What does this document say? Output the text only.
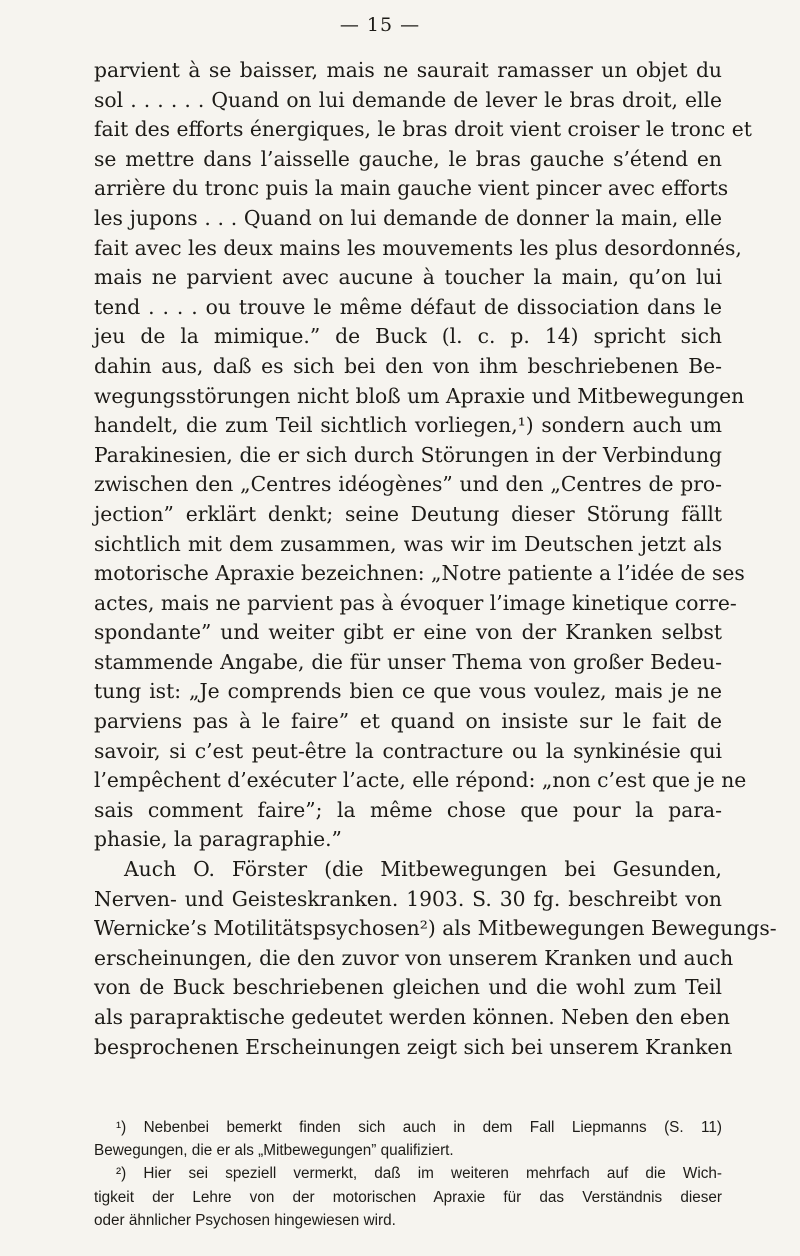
— 15 —
parvient à se baisser, mais ne saurait ramasser un objet du
sol . . . . . . Quand on lui demande de lever le bras droit, elle
fait des efforts énergiques, le bras droit vient croiser le tronc et
se mettre dans l’aisselle gauche, le bras gauche s’étend en
arrière du tronc puis la main gauche vient pincer avec efforts
les jupons . . . Quand on lui demande de donner la main, elle
fait avec les deux mains les mouvements les plus desordonnés,
mais ne parvient avec aucune à toucher la main, qu’on lui
tend . . . . ou trouve le même défaut de dissociation dans le
jeu de la mimique.” de Buck (l. c. p. 14) spricht sich
dahin aus, daß es sich bei den von ihm beschriebenen Be-
wegungsstörungen nicht bloß um Apraxie und Mitbewegungen
handelt, die zum Teil sichtlich vorliegen,¹) sondern auch um
Parakinesien, die er sich durch Störungen in der Verbindung
zwischen den „Centres idéogènes” und den „Centres de pro-
jection” erklärt denkt; seine Deutung dieser Störung fällt
sichtlich mit dem zusammen, was wir im Deutschen jetzt als
motorische Apraxie bezeichnen: „Notre patiente a l’idée de ses
actes, mais ne parvient pas à évoquer l’image kinetique corre-
spondante” und weiter gibt er eine von der Kranken selbst
stammende Angabe, die für unser Thema von großer Bedeu-
tung ist: „Je comprends bien ce que vous voulez, mais je ne
parviens pas à le faire” et quand on insiste sur le fait de
savoir, si c’est peut-être la contracture ou la synkinésie qui
l’empêchent d’exécuter l’acte, elle répond: „non c’est que je ne
sais comment faire”; la même chose que pour la para-
phasie, la paragraphie.”
Auch O. Förster (die Mitbewegungen bei Gesunden,
Nerven- und Geisteskranken. 1903. S. 30 fg. beschreibt von
Wernicke’s Motilitätspsychosen²) als Mitbewegungen Bewegungs-
erscheinungen, die den zuvor von unserem Kranken und auch
von de Buck beschriebenen gleichen und die wohl zum Teil
als parapraktische gedeutet werden können. Neben den eben
besprochenen Erscheinungen zeigt sich bei unserem Kranken
¹) Nebenbei bemerkt finden sich auch in dem Fall Liepmanns (S. 11)
Bewegungen, die er als „Mitbewegungen” qualifiziert.
²) Hier sei speziell vermerkt, daß im weiteren mehrfach auf die Wich-
tigkeit der Lehre von der motorischen Apraxie für das Verständnis dieser
oder ähnlicher Psychosen hingewiesen wird.
